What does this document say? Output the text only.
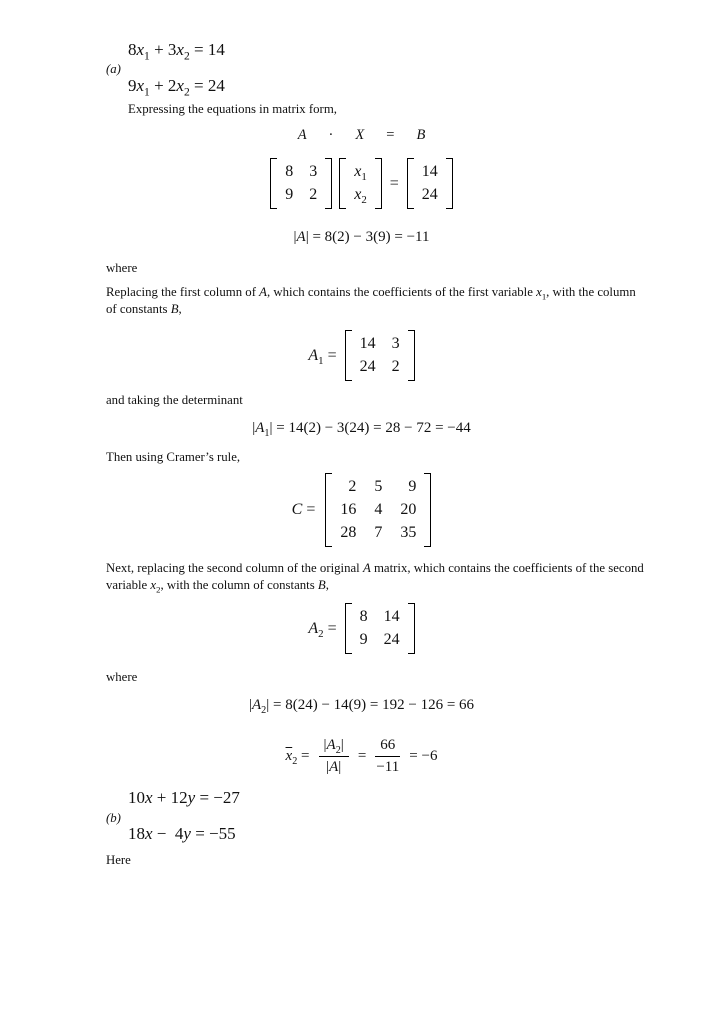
$8x_1 + 3x_2 = 14$
(a)
$9x_1 + 2x_2 = 24$
Expressing the equations in matrix form,
A · X = B
8 3
9 2
$x_1$
$x_2$
=
14
24
|A| = 8(2) − 3(9) = −11
where
Replacing the first column of A, which contains the coefficients of the first variable $x_1$, with the column of constants B,
$A_1$ =
14 3
24 2
and taking the determinant
$|A_1| = 14(2) - 3(24) = 28 - 72 = -44$
Then using Cramer’s rule,
C =
2 5	9
16 4 20
28 7 35
Next, replacing the second column of the original A matrix, which contains the coefficients of the second variable $x_2$, with the column of constants B,
$A_2$ =
8 14
9 24
where
$|A_2| = 8(24) - 14(9) = 192 - 126 = 66$
$\overline{x}_2 = \frac{|A_2|}{|A|} = \frac{66}{-11} = -6$
10x + 12y = −27
(b)
18x −  4y = −55
Here
